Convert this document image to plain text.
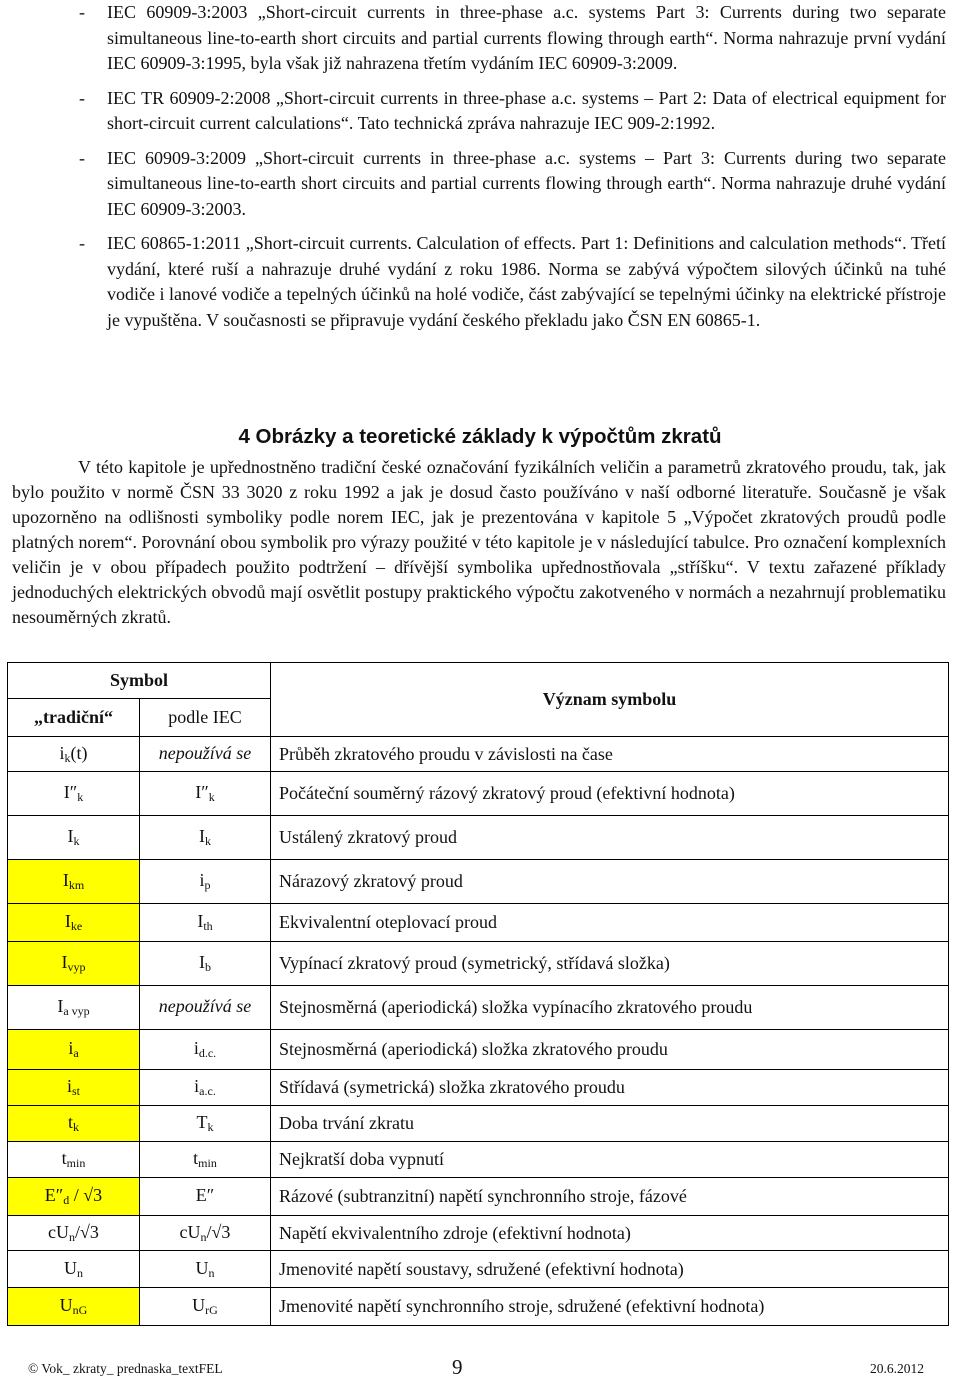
- IEC 60909-3:2003 „Short-circuit currents in three-phase a.c. systems Part 3: Currents during two separate simultaneous line-to-earth short circuits and partial currents flowing through earth“. Norma nahrazuje první vydání IEC 60909-3:1995, byla však již nahrazena třetím vydáním IEC 60909-3:2009.
- IEC TR 60909-2:2008 „Short-circuit currents in three-phase a.c. systems – Part 2: Data of electrical equipment for short-circuit current calculations“. Tato technická zpráva nahrazuje IEC 909-2:1992.
- IEC 60909-3:2009 „Short-circuit currents in three-phase a.c. systems – Part 3: Currents during two separate simultaneous line-to-earth short circuits and partial currents flowing through earth“. Norma nahrazuje druhé vydání IEC 60909-3:2003.
- IEC 60865-1:2011 „Short-circuit currents. Calculation of effects. Part 1: Definitions and calculation methods“. Třetí vydání, které ruší a nahrazuje druhé vydání z roku 1986. Norma se zabývá výpočtem silových účinků na tuhé vodiče i lanové vodiče a tepelných účinků na holé vodiče, část zabývající se tepelnými účinky na elektrické přístroje je vypuštěna. V současnosti se připravuje vydání českého překladu jako ČSN EN 60865-1.
4 Obrázky a teoretické základy k výpočtům zkratů
V této kapitole je upřednostněno tradiční české označování fyzikálních veličin a parametrů zkratového proudu, tak, jak bylo použito v normě ČSN 33 3020 z roku 1992 a jak je dosud často používáno v naší odborné literatuře. Současně je však upozorněno na odlišnosti symboliky podle norem IEC, jak je prezentována v kapitole 5 „Výpočet zkratových proudů podle platných norem“. Porovnání obou symbolik pro výrazy použité v této kapitole je v následující tabulce. Pro označení komplexních veličin je v obou případech použito podtržení – dřívější symbolika upřednostňovala „stříšku“. V textu zařazené příklady jednoduchých elektrických obvodů mají osvětlit postupy praktického výpočtu zakotveného v normách a nezahrnují problematiku nesouměrných zkratů.
Symbol		Význam symbolu
„tradiční“	podle IEC	
$i_k(t)$	nepoužívá se	Průběh zkratového proudu v závislosti na čase
$I''_k$	$I''_k$	Počáteční souměrný rázový zkratový proud (efektivní hodnota)
$I_k$	$I_k$	Ustálený zkratový proud
$I_{km}$	$i_p$	Nárazový zkratový proud
$I_{ke}$	$I_{th}$	Ekvivalentní oteplovací proud
$I_{vyp}$	$I_b$	Vypínací zkratový proud (symetrický, střídavá složka)
$I_{a vyp}$	nepoužívá se	Stejnosměrná (aperiodická) složka vypínacího zkratového proudu
$i_a$	$i_{d.c.}$	Stejnosměrná (aperiodická) složka zkratového proudu
$i_{st}$	$i_{a.c.}$	Střídavá (symetrická) složka zkratového proudu
$t_k$	$T_k$	Doba trvání zkratu
$t_{min}$	$t_{min}$	Nejkratší doba vypnutí
$E''_d / √3$	E″	Rázové (subtranzitní) napětí synchronního stroje, fázové
$cU_n/√3$	$cU_n/√3$	Napětí ekvivalentního zdroje (efektivní hodnota)
$U_n$	$U_n$	Jmenovité napětí soustavy, sdružené (efektivní hodnota)
$U_{nG}$	$U_{rG}$	Jmenovité napětí synchronního stroje, sdružené (efektivní hodnota)
© Vok_ zkraty_ prednaska_textFEL	9	20.6.2012
